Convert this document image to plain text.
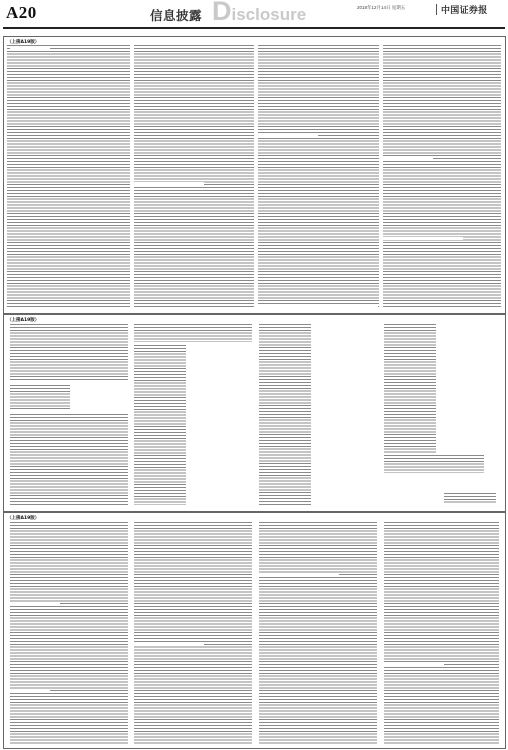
A20	信息披露 Disclosure	2018年12月14日 星期五	中国证券报
（上接A19版）
（上接A19版）
（上接A19版）
